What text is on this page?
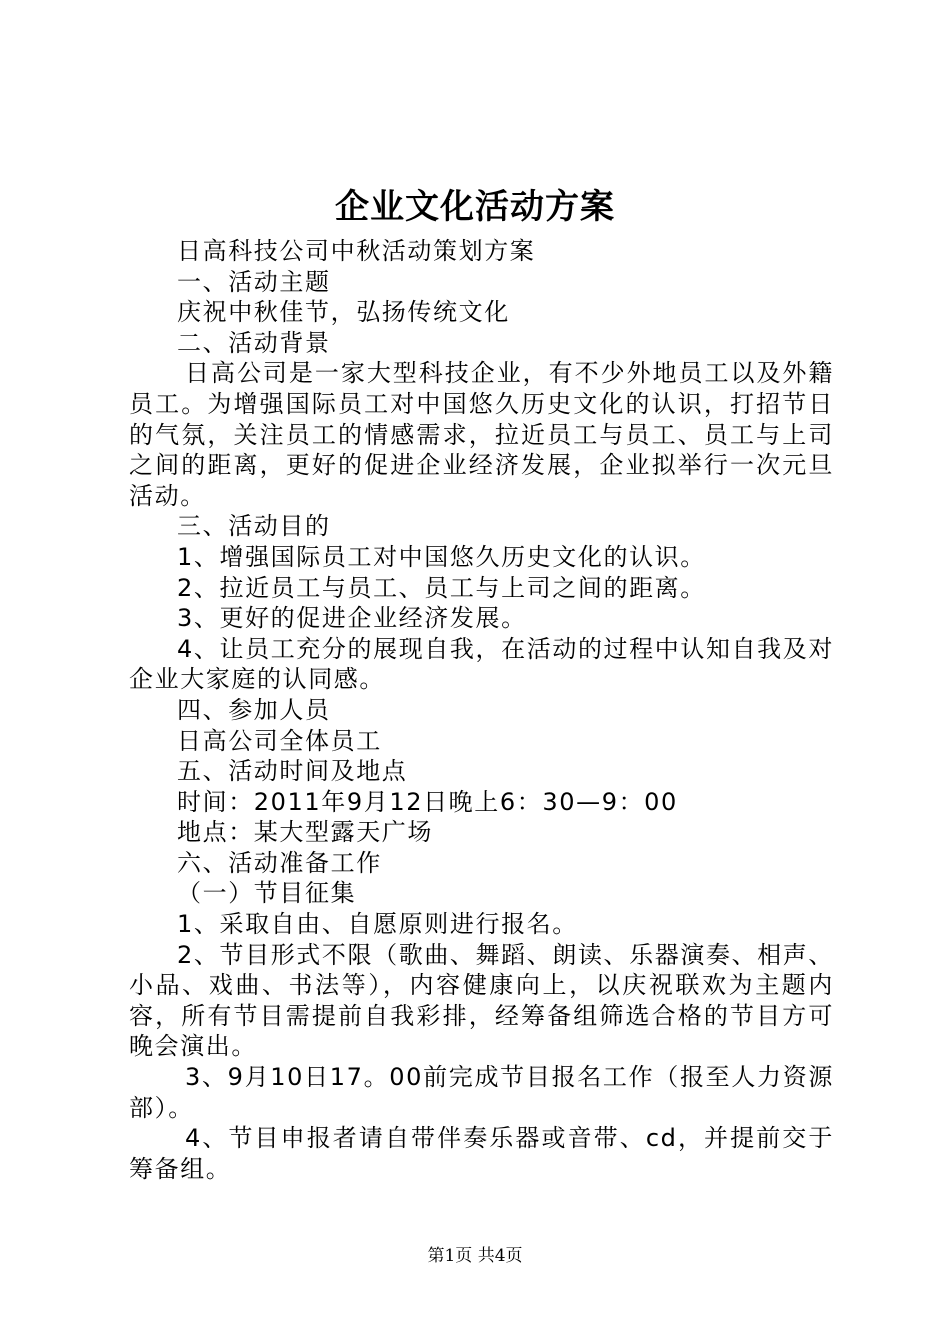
企业文化活动方案

日高科技公司中秋活动策划方案

一、活动主题

庆祝中秋佳节，弘扬传统文化

二、活动背景

日高公司是一家大型科技企业，有不少外地员工以及外籍员工。为增强国际员工对中国悠久历史文化的认识，打招节日的气氛，关注员工的情感需求，拉近员工与员工、员工与上司之间的距离，更好的促进企业经济发展，企业拟举行一次元旦活动。

三、活动目的

1、增强国际员工对中国悠久历史文化的认识。

2、拉近员工与员工、员工与上司之间的距离。

3、更好的促进企业经济发展。

4、让员工充分的展现自我，在活动的过程中认知自我及对企业大家庭的认同感。

四、参加人员

日高公司全体员工

五、活动时间及地点

时间：2011年9月12日晚上6：30—9：00

地点：某大型露天广场

六、活动准备工作

（一）节目征集

1、采取自由、自愿原则进行报名。

2、节目形式不限（歌曲、舞蹈、朗读、乐器演奏、相声、小品、戏曲、书法等），内容健康向上，以庆祝联欢为主题内容，所有节目需提前自我彩排，经筹备组筛选合格的节目方可晚会演出。

3、9月10日17。00前完成节目报名工作（报至人力资源部）。

4、节目申报者请自带伴奏乐器或音带、cd，并提前交于筹备组。

第1页 共4页
